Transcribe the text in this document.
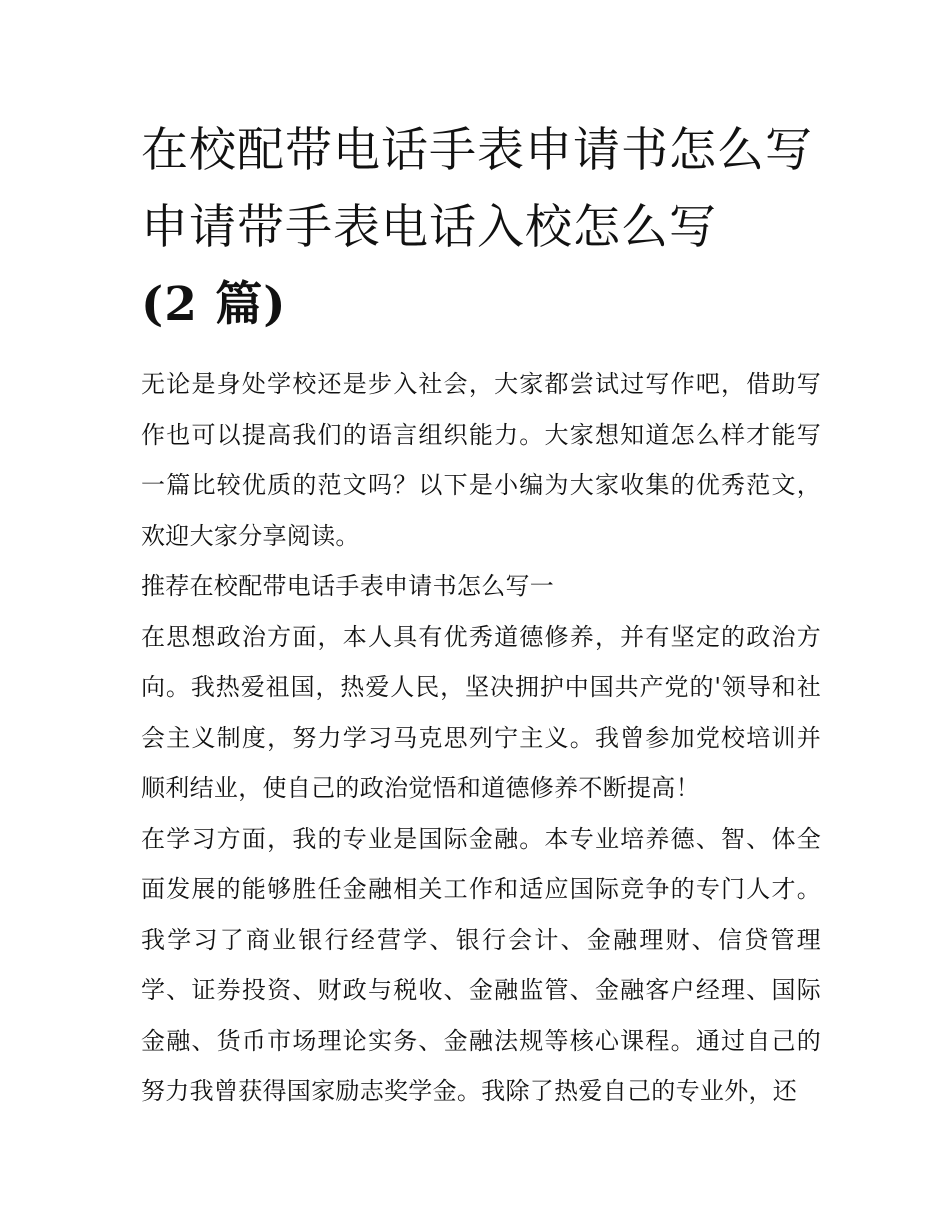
在校配带电话手表申请书怎么写 申请带手表电话入校怎么写
(2 篇)

无论是身处学校还是步入社会，大家都尝试过写作吧，借助写作也可以提高我们的语言组织能力。大家想知道怎么样才能写一篇比较优质的范文吗？以下是小编为大家收集的优秀范文，欢迎大家分享阅读。

推荐在校配带电话手表申请书怎么写一

在思想政治方面，本人具有优秀道德修养，并有坚定的政治方向。我热爱祖国，热爱人民，坚决拥护中国共产党的'领导和社会主义制度，努力学习马克思列宁主义。我曾参加党校培训并顺利结业，使自己的政治觉悟和道德修养不断提高！

在学习方面，我的专业是国际金融。本专业培养德、智、体全面发展的能够胜任金融相关工作和适应国际竞争的专门人才。我学习了商业银行经营学、银行会计、金融理财、信贷管理学、证券投资、财政与税收、金融监管、金融客户经理、国际金融、货币市场理论实务、金融法规等核心课程。通过自己的努力我曾获得国家励志奖学金。我除了热爱自己的专业外，还
